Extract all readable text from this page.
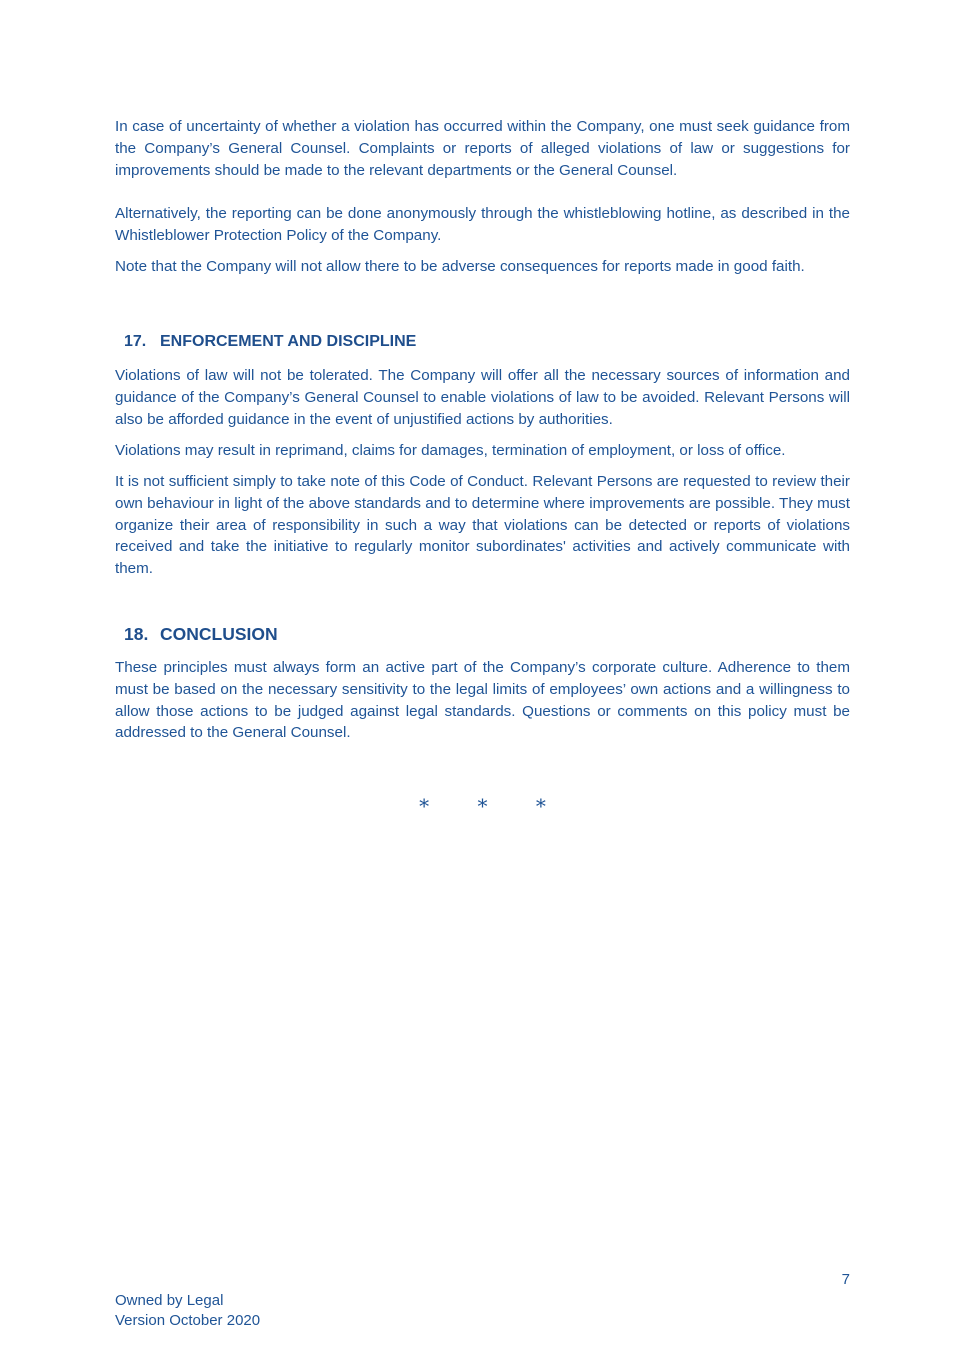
In case of uncertainty of whether a violation has occurred within the Company, one must seek guidance from the Company’s General Counsel. Complaints or reports of alleged violations of law or suggestions for improvements should be made to the relevant departments or the General Counsel.

Alternatively, the reporting can be done anonymously through the whistleblowing hotline, as described in the Whistleblower Protection Policy of the Company.

Note that the Company will not allow there to be adverse consequences for reports made in good faith.

17. ENFORCEMENT AND DISCIPLINE

Violations of law will not be tolerated. The Company will offer all the necessary sources of information and guidance of the Company’s General Counsel to enable violations of law to be avoided. Relevant Persons will also be afforded guidance in the event of unjustified actions by authorities.

Violations may result in reprimand, claims for damages, termination of employment, or loss of office.

It is not sufficient simply to take note of this Code of Conduct. Relevant Persons are requested to review their own behaviour in light of the above standards and to determine where improvements are possible. They must organize their area of responsibility in such a way that violations can be detected or reports of violations received and take the initiative to regularly monitor subordinates' activities and actively communicate with them.

18. CONCLUSION

These principles must always form an active part of the Company’s corporate culture. Adherence to them must be based on the necessary sensitivity to the legal limits of employees’ own actions and a willingness to allow those actions to be judged against legal standards. Questions or comments on this policy must be addressed to the General Counsel.

* * *
7
Owned by Legal
Version October 2020
